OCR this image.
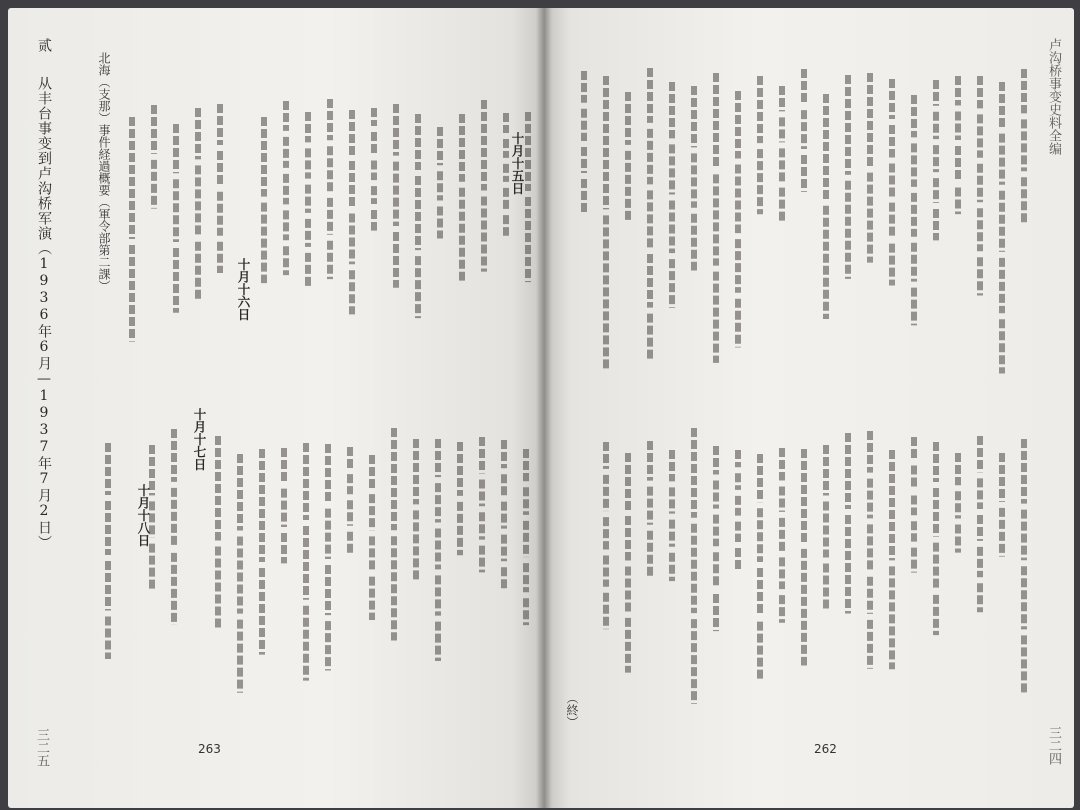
贰 从丰台事变到卢沟桥军演（1936年6月—1937年7月2日）	北海（支那）事件経過概要（軍令部第二課）	十月十五日
十月十六日
十月十七日
十月十八日
三二五	263
卢沟桥事变史料全编
（終）
三二四
262
